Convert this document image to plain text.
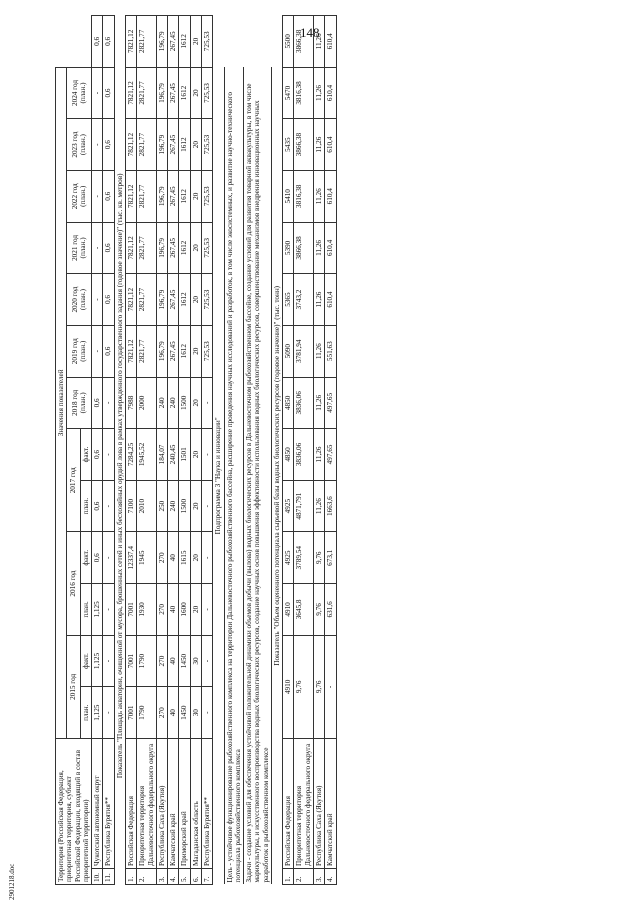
148
2901218.doc	Территория (Российская Федерация, приоритетная территория, субъект Российской Федерации, входящий в состав приоритетной территории)		Значения показателей													
		2015 год		2016 год		2017 год		2018 год (план.)	2019 год (план.)	2020 год (план.)	2021 год (план.)	2022 год (план.)	2023 год (план.)	2024 год (план.)	
		план.	факт.	план.	факт.	план.	факт.								
10.	Чукотский автономный округ	1,125	1,125	1,125	0,6	0,6	0,6	0,6	-	-	-	-	-	-	0,6
11.	Республика Бурятия**	-	-	-	-	-	-	-	0,6	0,6	0,6	0,6	0,6	0,6	0,6
Показатель "Площадь акватории, очищенной от мусора, брошенных сетей и иных бесхозяйных орудий лова в рамках утвержденного государственного задания (годовое значение)" (тыс. кв. метров)															
1.	Российская Федерация	7001	7001	7001	12337,4	7100	7284,25	7988	7821,12	7821,12	7821,12	7821,12	7821,12	7821,12	7821,12
2.	Приоритетная территория Дальневосточного федерального округа	1790	1790	1930	1945	2010	1945,52	2000	2821,77	2821,77	2821,77	2821,77	2821,77	2821,77	2821,77
3.	Республика Саха (Якутия)	270	270	270	270	250	184,07	240	196,79	196,79	196,79	196,79	196,79	196,79	196,79
4.	Камчатский край	40	40	40	40	240	240,45	240	267,45	267,45	267,45	267,45	267,45	267,45	267,45
5.	Приморский край	1450	1450	1600	1615	1500	1501	1500	1612	1612	1612	1612	1612	1612	1612
6.	Магаданская область	30	30	20	20	20	20	20	20	20	20	20	20	20	20
7.	Республика Бурятия**	-	-	-	-	-	-	-	725,53	725,53	725,53	725,53	725,53	725,53	725,53
Подпрограмма 3 "Наука и инновации"															
Цель - устойчивое функционирование рыбохозяйственного комплекса на территории Дальневосточного рыбохозяйственного бассейна, расширение проведения научных исследований и разработок, в том числе экосистемных, и развитие научно-технического потенциала рыбохозяйственного комплекса															
Задачи - создание условий для обеспечения устойчивой положительной динамики объемов добычи (вылова) водных биологических ресурсов в Дальневосточном рыбохозяйственном бассейне, создание условий для развития товарной аквакультуры, в том числе марикультуры, и искусственного воспроизводства водных биологических ресурсов, создание научных основ повышения эффективности использования водных биологических ресурсов, совершенствование механизмов внедрения инновационных научных разработок в рыбохозяйственном комплексе															
Показатель "Объем оцененного потенциала сырьевой базы водных биологических ресурсов (годовое значение)" (тыс. тонн)															
1.	Российская Федерация	4910		4910	4925	4925	4850	4850	5090	5365	5390	5410	5435	5470	5500
2.	Приоритетная территория Дальневосточного федерального округа	9,76		3645,8	3789,54	4871,791	3836,06	3836,06	3781,94	3743,2	3866,38	3816,38	3866,38	3816,38	3866,38
3.	Республика Саха (Якутия)	9,76		9,76	9,76	11,26	11,26	11,26	11,26	11,26	11,26	11,26	11,26	11,26	11,26
4.	Камчатский край	-		631,6	673,1	1663,6	497,65	497,65	551,63	610,4	610,4	610,4	610,4	610,4	610,4
